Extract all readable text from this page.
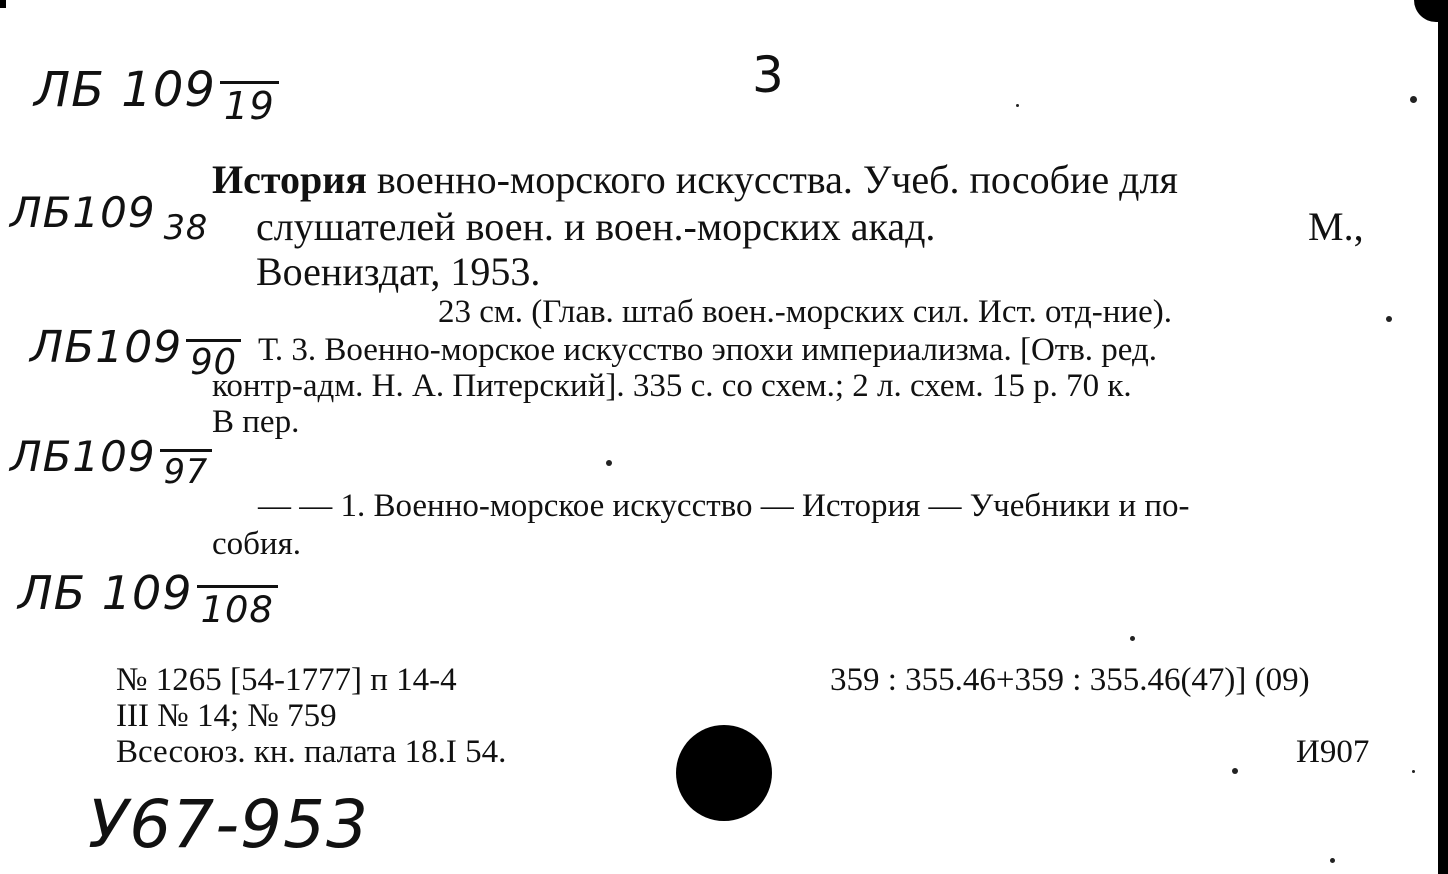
3
ЛБ 109 19
ЛБ109 38
ЛБ109 90
ЛБ109 97
ЛБ 109 108
История военно-морского искусства. Учеб. пособие для
слушателей воен. и воен.-морских акад.	М.,
Воениздат, 1953.
23 см. (Глав. штаб воен.-морских сил. Ист. отд-ние).
Т. 3. Военно-морское искусство эпохи империализма. [Отв. ред.
контр-адм. Н. А. Питерский]. 335 с. со схем.; 2 л. схем. 15 р. 70 к.
В пер.
— — 1. Военно-морское искусство — История — Учебники и по-
собия.
№ 1265 [54-1777] п 14-4	359 : 355.46+359 : 355.46(47)] (09)
III № 14; № 759
Всесоюз. кн. палата 18.I 54.	И907
У67-953
